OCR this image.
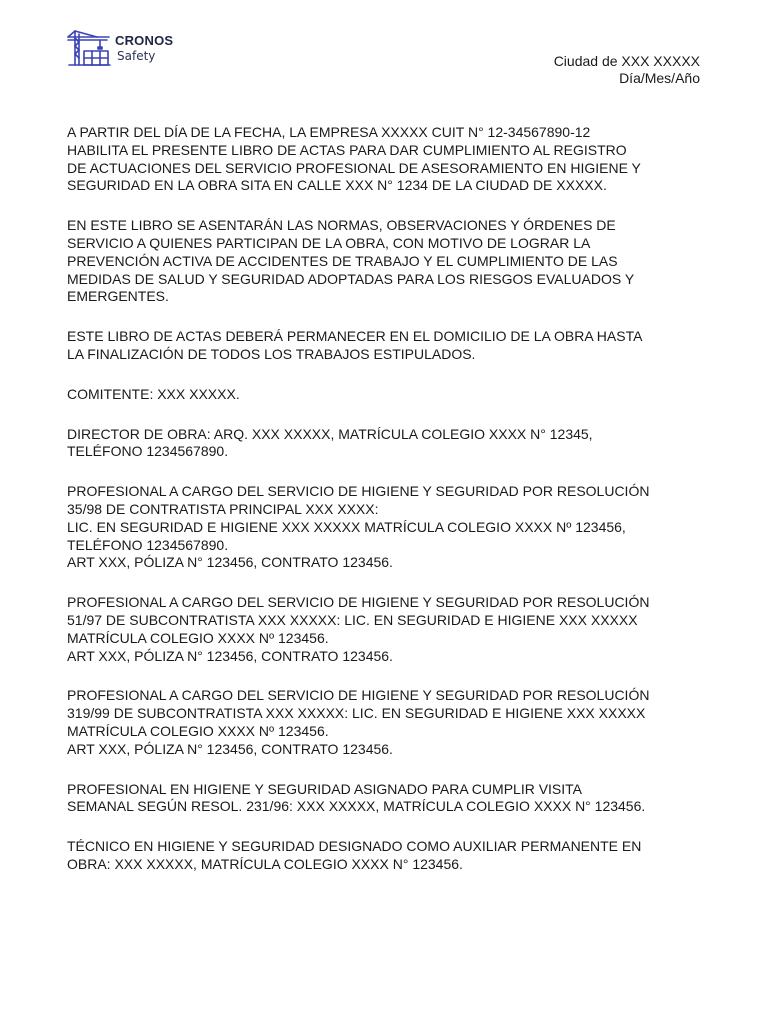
CRONOS
Safety	Ciudad de XXX XXXXX
Día/Mes/Año

A PARTIR DEL DÍA DE LA FECHA, LA EMPRESA XXXXX CUIT N° 12-34567890-12
HABILITA EL PRESENTE LIBRO DE ACTAS PARA DAR CUMPLIMIENTO AL REGISTRO
DE ACTUACIONES DEL SERVICIO PROFESIONAL DE ASESORAMIENTO EN HIGIENE Y
SEGURIDAD EN LA OBRA SITA EN CALLE XXX N° 1234 DE LA CIUDAD DE XXXXX.

EN ESTE LIBRO SE ASENTARÁN LAS NORMAS, OBSERVACIONES Y ÓRDENES DE
SERVICIO A QUIENES PARTICIPAN DE LA OBRA, CON MOTIVO DE LOGRAR LA
PREVENCIÓN ACTIVA DE ACCIDENTES DE TRABAJO Y EL CUMPLIMIENTO DE LAS
MEDIDAS DE SALUD Y SEGURIDAD ADOPTADAS PARA LOS RIESGOS EVALUADOS Y
EMERGENTES.

ESTE LIBRO DE ACTAS DEBERÁ PERMANECER EN EL DOMICILIO DE LA OBRA HASTA
LA FINALIZACIÓN DE TODOS LOS TRABAJOS ESTIPULADOS.

COMITENTE: XXX XXXXX.

DIRECTOR DE OBRA: ARQ. XXX XXXXX, MATRÍCULA COLEGIO XXXX N° 12345,
TELÉFONO 1234567890.

PROFESIONAL A CARGO DEL SERVICIO DE HIGIENE Y SEGURIDAD POR RESOLUCIÓN
35/98 DE CONTRATISTA PRINCIPAL XXX XXXX:
LIC. EN SEGURIDAD E HIGIENE XXX XXXXX MATRÍCULA COLEGIO XXXX Nº 123456,
TELÉFONO 1234567890.
ART XXX, PÓLIZA N° 123456, CONTRATO 123456.

PROFESIONAL A CARGO DEL SERVICIO DE HIGIENE Y SEGURIDAD POR RESOLUCIÓN
51/97 DE SUBCONTRATISTA XXX XXXXX: LIC. EN SEGURIDAD E HIGIENE XXX XXXXX
MATRÍCULA COLEGIO XXXX Nº 123456.
ART XXX, PÓLIZA N° 123456, CONTRATO 123456.

PROFESIONAL A CARGO DEL SERVICIO DE HIGIENE Y SEGURIDAD POR RESOLUCIÓN
319/99 DE SUBCONTRATISTA XXX XXXXX: LIC. EN SEGURIDAD E HIGIENE XXX XXXXX
MATRÍCULA COLEGIO XXXX Nº 123456.
ART XXX, PÓLIZA N° 123456, CONTRATO 123456.

PROFESIONAL EN HIGIENE Y SEGURIDAD ASIGNADO PARA CUMPLIR VISITA
SEMANAL SEGÚN RESOL. 231/96: XXX XXXXX, MATRÍCULA COLEGIO XXXX N° 123456.

TÉCNICO EN HIGIENE Y SEGURIDAD DESIGNADO COMO AUXILIAR PERMANENTE EN
OBRA: XXX XXXXX, MATRÍCULA COLEGIO XXXX N° 123456.
